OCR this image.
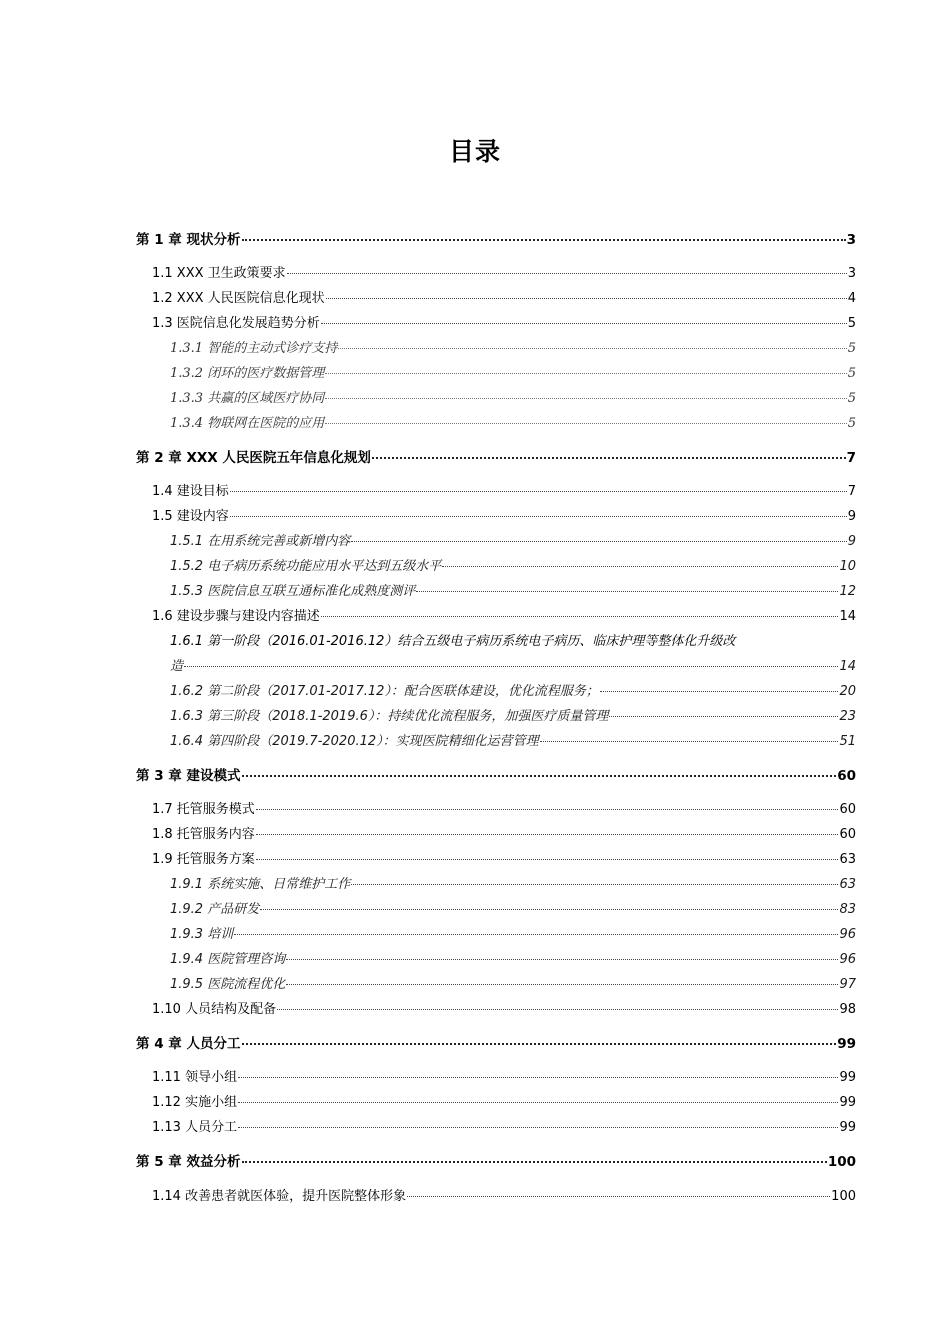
目录
第 1 章 现状分析	3
1.1 XXX 卫生政策要求	3
1.2 XXX 人民医院信息化现状	4
1.3 医院信息化发展趋势分析	5
1.3.1 智能的主动式诊疗支持	5
1.3.2 闭环的医疗数据管理	5
1.3.3 共赢的区域医疗协同	5
1.3.4 物联网在医院的应用	5
第 2 章 XXX 人民医院五年信息化规划	7
1.4 建设目标	7
1.5 建设内容	9
1.5.1 在用系统完善或新增内容	9
1.5.2 电子病历系统功能应用水平达到五级水平	10
1.5.3 医院信息互联互通标准化成熟度测评	12
1.6 建设步骤与建设内容描述	14
1.6.1 第一阶段（2016.01-2016.12）结合五级电子病历系统电子病历、临床护理等整体化升级改
造	14
1.6.2 第二阶段（2017.01-2017.12）：配合医联体建设，优化流程服务；	20
1.6.3 第三阶段（2018.1-2019.6）：持续优化流程服务，加强医疗质量管理	23
1.6.4 第四阶段（2019.7-2020.12）：实现医院精细化运营管理	51
第 3 章 建设模式	60
1.7 托管服务模式	60
1.8 托管服务内容	60
1.9 托管服务方案	63
1.9.1 系统实施、日常维护工作	63
1.9.2 产品研发	83
1.9.3 培训	96
1.9.4 医院管理咨询	96
1.9.5 医院流程优化	97
1.10 人员结构及配备	98
第 4 章 人员分工	99
1.11 领导小组	99
1.12 实施小组	99
1.13 人员分工	99
第 5 章 效益分析	100
1.14 改善患者就医体验，提升医院整体形象	100
